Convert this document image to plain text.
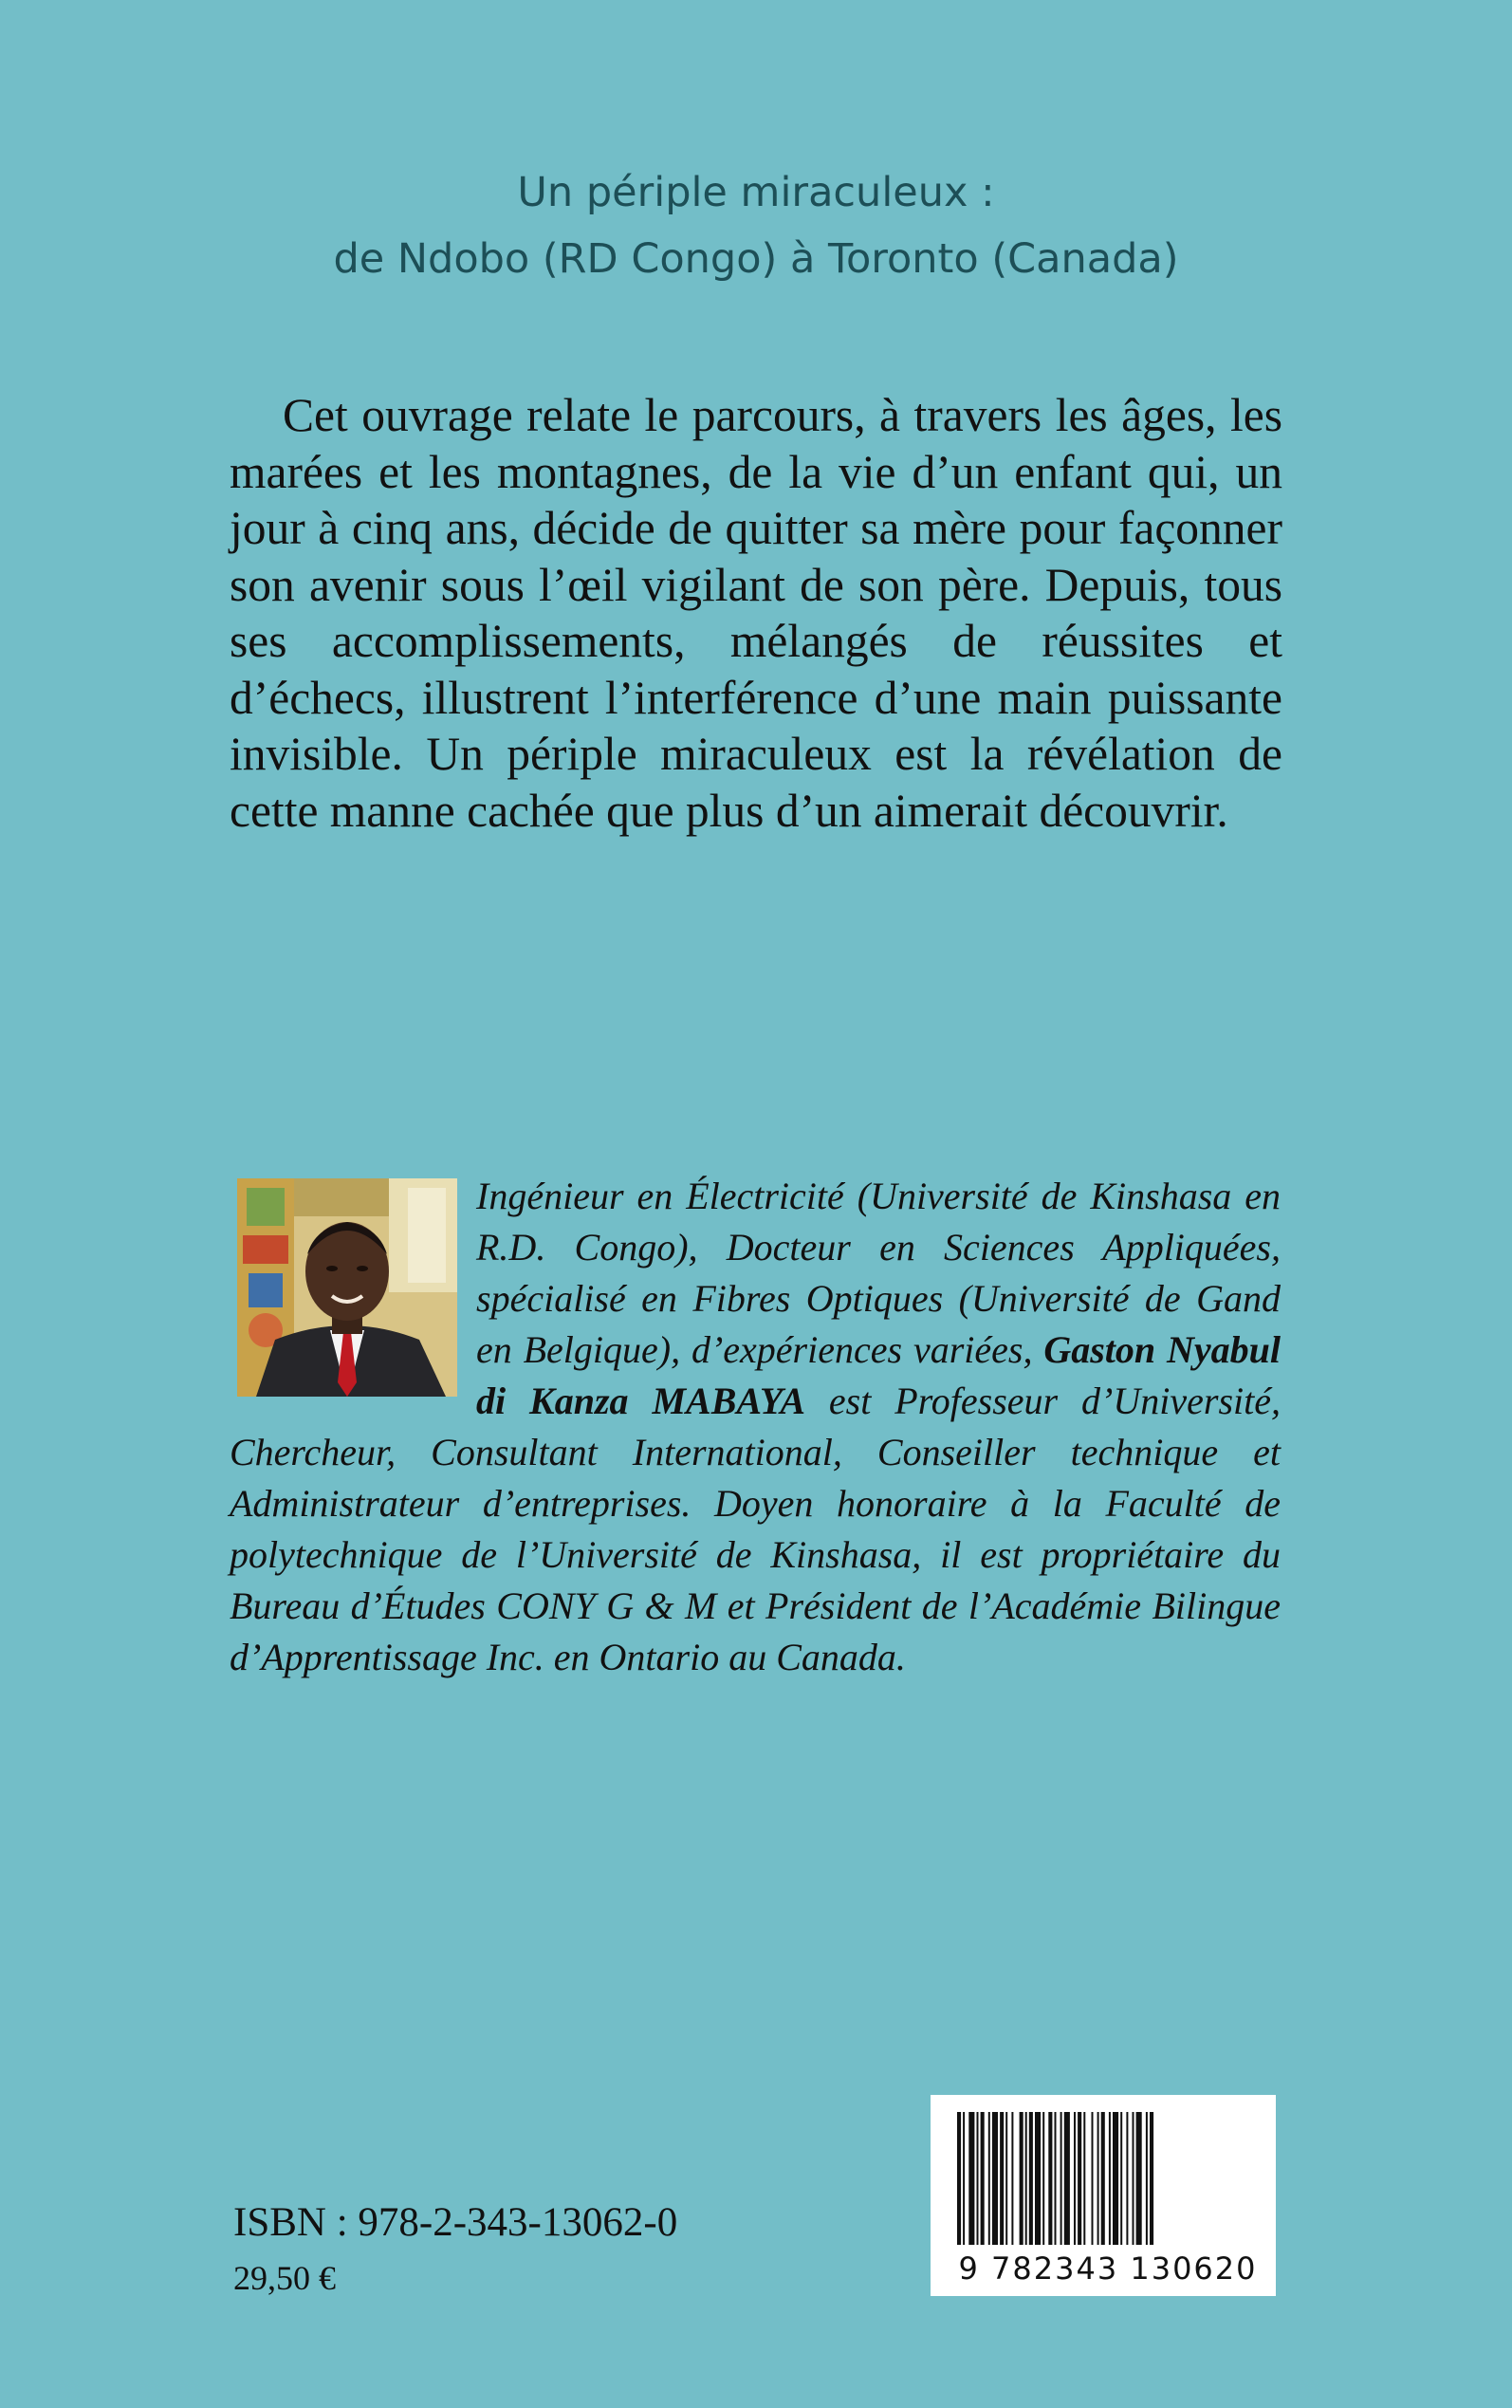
Un périple miraculeux :
de Ndobo (RD Congo) à Toronto (Canada)

Cet ouvrage relate le parcours, à travers les âges, les marées et les montagnes, de la vie d’un enfant qui, un jour à cinq ans, décide de quitter sa mère pour façonner son avenir sous l’œil vigilant de son père. Depuis, tous ses accomplissements, mélangés de réussites et d’échecs, illustrent l’interférence d’une main puissante invisible. Un périple miraculeux est la révélation de cette manne cachée que plus d’un aimerait découvrir.

Ingénieur en Électricité (Université de Kinshasa en R.D. Congo), Docteur en Sciences Appliquées, spécialisé en Fibres Optiques (Université de Gand en Belgique), d’expériences variées, Gaston Nyabul di Kanza MABAYA est Professeur d’Université, Chercheur, Consultant International, Conseiller technique et Administrateur d’entreprises. Doyen honoraire à la Faculté de polytechnique de l’Université de Kinshasa, il est propriétaire du Bureau d’Études CONY G & M et Président de l’Académie Bilingue d’Apprentissage Inc. en Ontario au Canada.

ISBN : 978-2-343-13062-0
29,50 €	9 782343 130620
